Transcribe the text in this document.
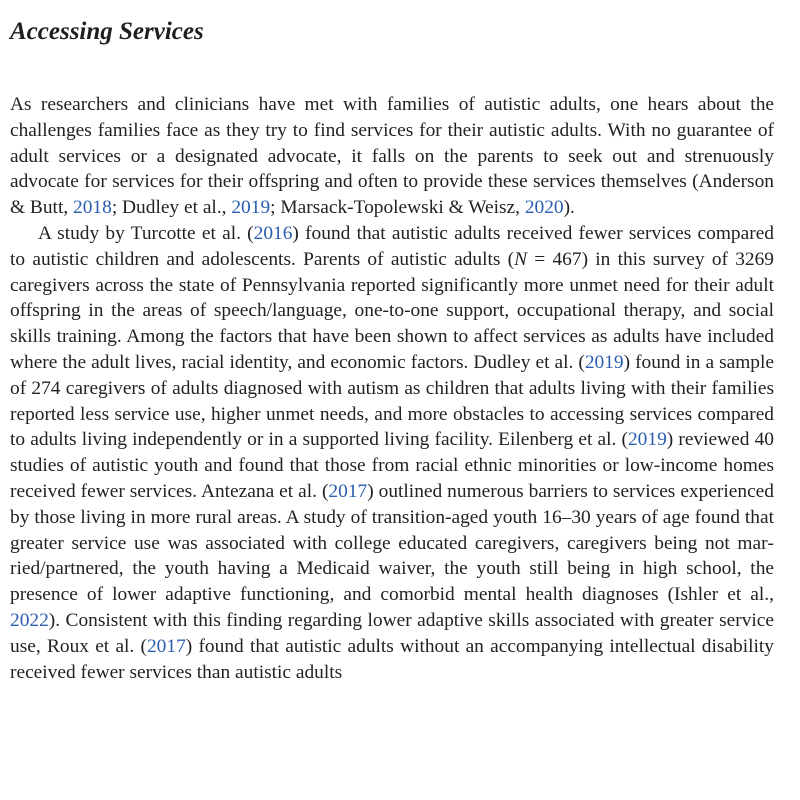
Accessing Services

As researchers and clinicians have met with families of autistic adults, one hears about the challenges families face as they try to find services for their autistic adults. With no guarantee of adult services or a designated advocate, it falls on the parents to seek out and strenuously advocate for services for their offspring and often to provide these services themselves (Anderson & Butt, 2018; Dudley et al., 2019; Marsack-Topolewski & Weisz, 2020).

A study by Turcotte et al. (2016) found that autistic adults received fewer services compared to autistic children and adolescents. Parents of autistic adults (N = 467) in this survey of 3269 caregivers across the state of Pennsylvania reported significantly more unmet need for their adult offspring in the areas of speech/language, one-to-one support, occupational therapy, and social skills training. Among the factors that have been shown to affect services as adults have included where the adult lives, racial identity, and economic factors. Dudley et al. (2019) found in a sample of 274 caregivers of adults diagnosed with autism as children that adults living with their families reported less service use, higher unmet needs, and more obstacles to accessing services compared to adults living independently or in a supported living facility. Eilenberg et al. (2019) reviewed 40 studies of autistic youth and found that those from racial ethnic minorities or low-income homes received fewer services. Antezana et al. (2017) outlined numerous barriers to services experienced by those living in more rural areas. A study of transition-aged youth 16–30 years of age found that greater service use was associated with college educated caregivers, caregivers being not married/partnered, the youth having a Medicaid waiver, the youth still being in high school, the presence of lower adaptive functioning, and comorbid mental health diagnoses (Ishler et al., 2022). Consistent with this finding regarding lower adaptive skills associated with greater service use, Roux et al. (2017) found that autistic adults without an accompanying intellectual disability received fewer services than autistic adults
